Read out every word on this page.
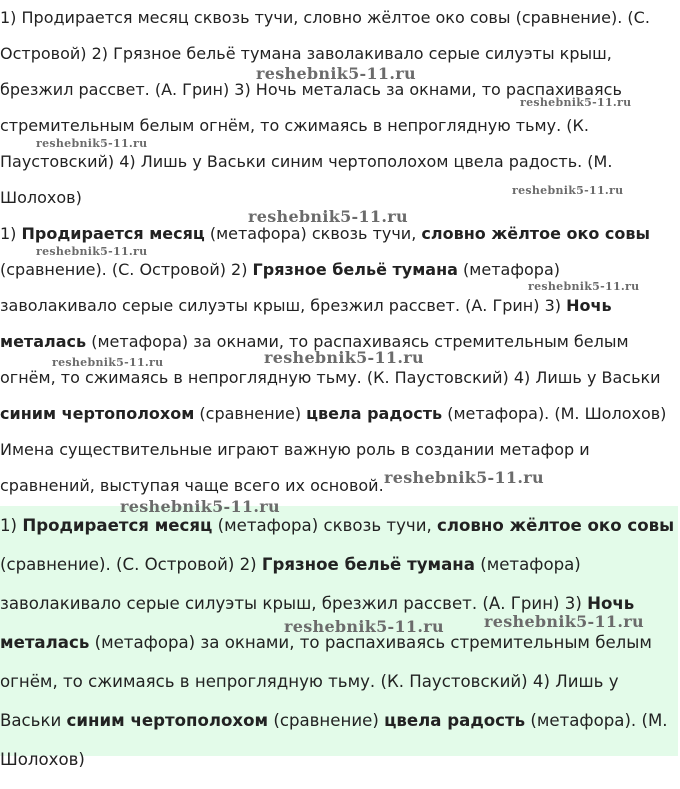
1) Продирается месяц сквозь тучи, словно жёлтое око совы (сравнение). (С. Островой) 2) Грязное бельё тумана заволакивало серые силуэты крыш, брезжил рассвет. (А. Грин) 3) Ночь металась за окнами, то распахиваясь стремительным белым огнём, то сжимаясь в непроглядную тьму. (К. Паустовский) 4) Лишь у Васьки синим чертополохом цвела радость. (М. Шолохов)

1) Продирается месяц (метафора) сквозь тучи, словно жёлтое око совы (сравнение). (С. Островой) 2) Грязное бельё тумана (метафора) заволакивало серые силуэты крыш, брезжил рассвет. (А. Грин) 3) Ночь металась (метафора) за окнами, то распахиваясь стремительным белым огнём, то сжимаясь в непроглядную тьму. (К. Паустовский) 4) Лишь у Васьки синим чертополохом (сравнение) цвела радость (метафора). (М. Шолохов)

Имена существительные играют важную роль в создании метафор и сравнений, выступая чаще всего их основой.

1) Продирается месяц (метафора) сквозь тучи, словно жёлтое око совы (сравнение). (С. Островой) 2) Грязное бельё тумана (метафора) заволакивало серые силуэты крыш, брезжил рассвет. (А. Грин) 3) Ночь металась (метафора) за окнами, то распахиваясь стремительным белым огнём, то сжимаясь в непроглядную тьму. (К. Паустовский) 4) Лишь у Васьки синим чертополохом (сравнение) цвела радость (метафора). (М. Шолохов)

reshebnik5-11.ru
reshebnik5-11.ru
reshebnik5-11.ru
reshebnik5-11.ru
reshebnik5-11.ru
reshebnik5-11.ru
reshebnik5-11.ru
reshebnik5-11.ru	reshebnik5-11.ru
reshebnik5-11.ru
reshebnik5-11.ru
reshebnik5-11.ru	reshebnik5-11.ru
